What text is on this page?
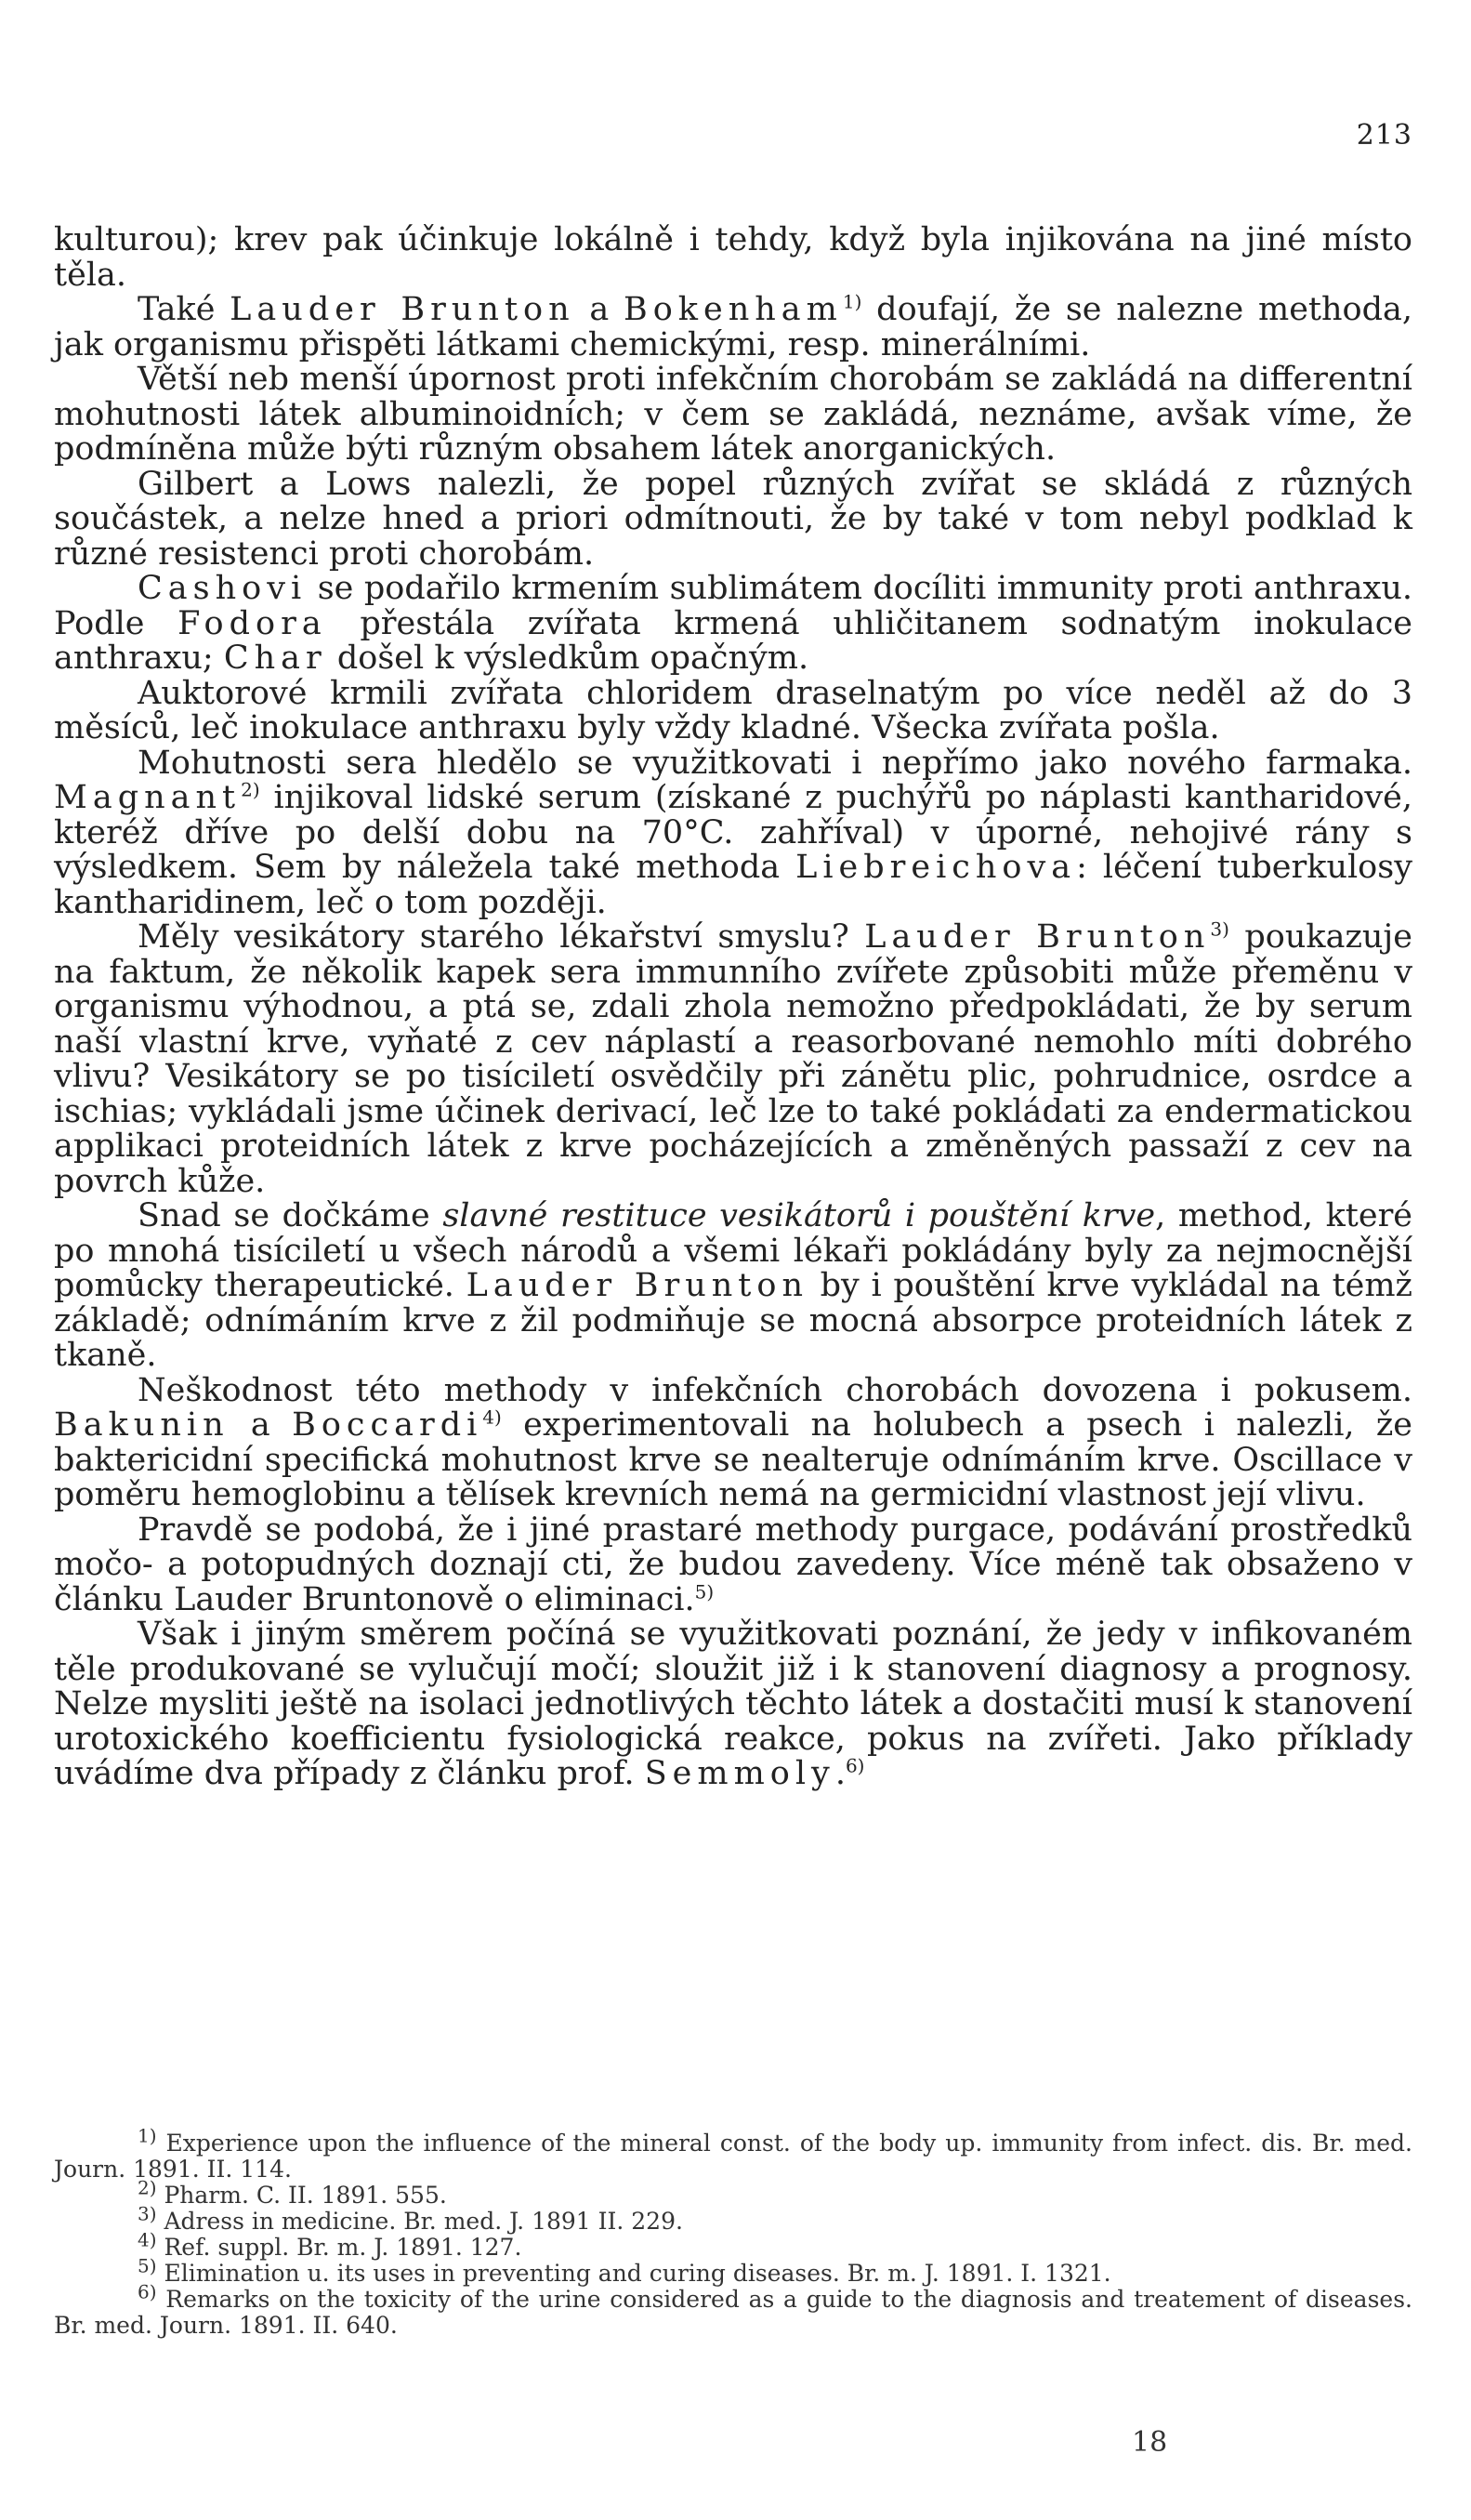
213

kulturou); krev pak účinkuje lokálně i tehdy, když byla injikována na jiné místo těla.

Také Lauder Brunton a Bokenham$^{1)}$ doufají, že se nalezne methoda, jak organismu přispěti látkami chemickými, resp. minerálními.

Větší neb menší úpornost proti infekčním chorobám se zakládá na differentní mohutnosti látek albuminoidních; v čem se zakládá, neznáme, avšak víme, že podmíněna může býti různým obsahem látek anorganických.

Gilbert a Lows nalezli, že popel různých zvířat se skládá z různých součástek, a nelze hned a priori odmítnouti, že by také v tom nebyl podklad k různé resistenci proti chorobám.

Cashovi se podařilo krmením sublimátem docíliti immunity proti anthraxu. Podle Fodora přestála zvířata krmená uhličitanem sodnatým inokulace anthraxu; Char došel k výsledkům opačným.

Auktorové krmili zvířata chloridem draselnatým po více neděl až do 3 měsíců, leč inokulace anthraxu byly vždy kladné. Všecka zvířata pošla.

Mohutnosti sera hledělo se využitkovati i nepřímo jako nového farmaka. Magnant$^{2)}$ injikoval lidské serum (získané z puchýřů po náplasti kantharidové, kteréž dříve po delší dobu na 70°C. zahříval) v úporné, nehojivé rány s výsledkem. Sem by náležela také methoda Liebreichova: léčení tuberkulosy kantharidinem, leč o tom později.

Měly vesikátory starého lékařství smyslu? Lauder Brunton$^{3)}$ poukazuje na faktum, že několik kapek sera immunního zvířete způsobiti může přeměnu v organismu výhodnou, a ptá se, zdali zhola nemožno předpokládati, že by serum naší vlastní krve, vyňaté z cev náplastí a reasorbované nemohlo míti dobrého vlivu? Vesikátory se po tisíciletí osvědčily při zánětu plic, pohrudnice, osrdce a ischias; vykládali jsme účinek derivací, leč lze to také pokládati za endermatickou applikaci proteidních látek z krve pocházejících a změněných passaží z cev na povrch kůže.

Snad se dočkáme slavné restituce vesikátorů i pouštění krve, method, které po mnohá tisíciletí u všech národů a všemi lékaři pokládány byly za nejmocnější pomůcky therapeutické. Lauder Brunton by i pouštění krve vykládal na témž základě; odnímáním krve z žil podmiňuje se mocná absorpce proteidních látek z tkaně.

Neškodnost této methody v infekčních chorobách dovozena i pokusem. Bakunin a Boccardi$^{4)}$ experimentovali na holubech a psech i nalezli, že baktericidní specifická mohutnost krve se nealteruje odnímáním krve. Oscillace v poměru hemoglobinu a tělísek krevních nemá na germicidní vlastnost její vlivu.

Pravdě se podobá, že i jiné prastaré methody purgace, podávání prostředků močo- a potopudných doznají cti, že budou zavedeny. Více méně tak obsaženo v článku Lauder Bruntonově o eliminaci.$^{5)}$

Však i jiným směrem počíná se využitkovati poznání, že jedy v infikovaném těle produkované se vylučují močí; sloužit již i k stanovení diagnosy a prognosy. Nelze mysliti ještě na isolaci jednotlivých těchto látek a dostačiti musí k stanovení urotoxického koefficientu fysiologická reakce, pokus na zvířeti. Jako příklady uvádíme dva případy z článku prof. Semmoly.$^{6)}$

$^{1)}$ Experience upon the influence of the mineral const. of the body up. immunity from infect. dis. Br. med. Journ. 1891. II. 114.

$^{2)}$ Pharm. C. II. 1891. 555.

$^{3)}$ Adress in medicine. Br. med. J. 1891 II. 229.

$^{4)}$ Ref. suppl. Br. m. J. 1891. 127.

$^{5)}$ Elimination u. its uses in preventing and curing diseases. Br. m. J. 1891. I. 1321.

$^{6)}$ Remarks on the toxicity of the urine considered as a guide to the diagnosis and treatement of diseases. Br. med. Journ. 1891. II. 640.

18
